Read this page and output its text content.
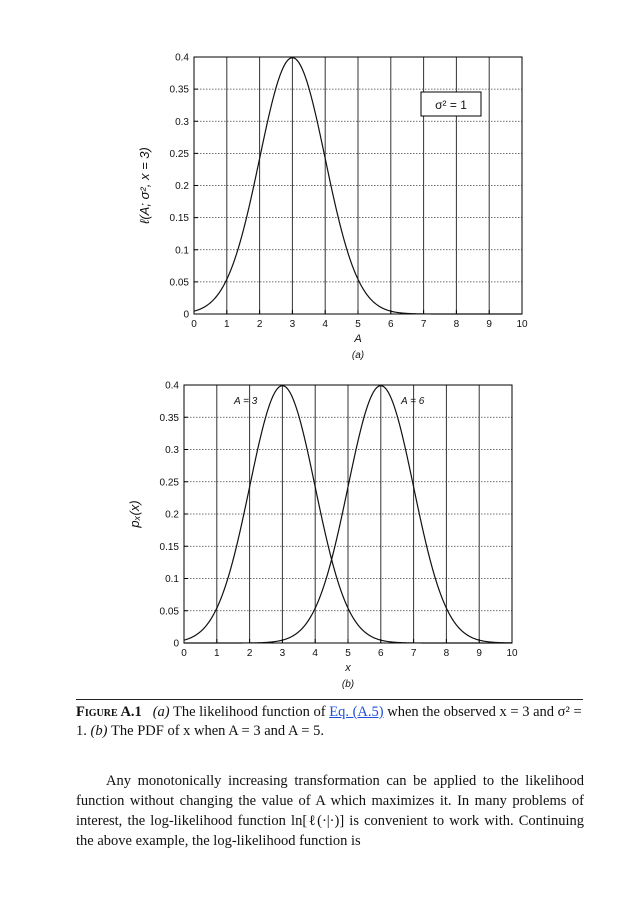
0	1	2	3	4	5	6	7	8	9 10
0
0.05
0.1
0.15
0.2
0.25
0.3
0.35
0.4
A
ℓ(A; σ², x = 3)
(a)
σ² = 1
0	1	2	3	4	5	6	7	8	9 10
0
0.05
0.1
0.15
0.2
0.25
0.3
0.35
0.4
x
pₓ(x)
(b)
A = 3	A = 6
Figure A.1 (a) The likelihood function of Eq. (A.5) when the observed x = 3 and σ² = 1. (b) The PDF of x when A = 3 and A = 5.

Any monotonically increasing transformation can be applied to the likelihood function without changing the value of A which maximizes it. In many problems of interest, the log-likelihood function ln[ℓ(·|·)] is convenient to work with. Continuing the above example, the log-likelihood function is
